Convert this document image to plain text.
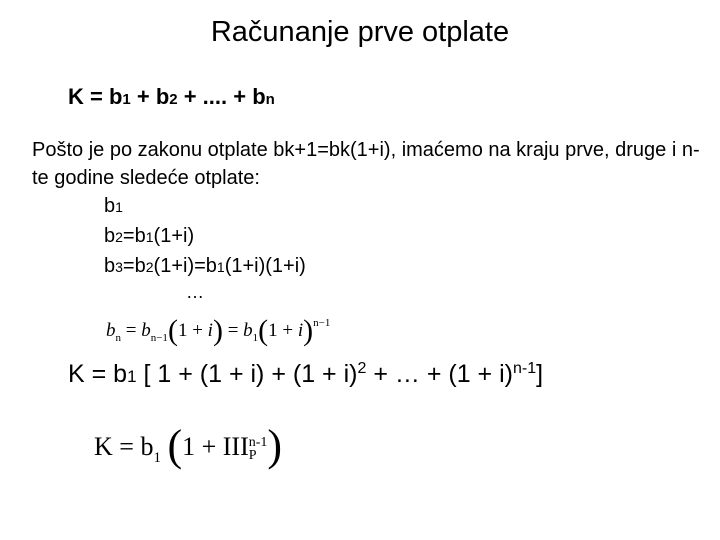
Računanje prve otplate
K = b1 + b2 + .... + bn
Pošto je po zakonu otplate bk+1=bk(1+i), imaćemo na kraju prve, druge i n-te godine sledeće otplate:
b1
b2=b1(1+i)
b3=b2(1+i)=b1(1+i)(1+i)
…
$b_n = b_{n-1}(1 + i) = b_1(1 + i)^{n-1}$
K = b1 [ $1 + (1 + i) + (1 + i)^2$ + … + $(1 + i)^{n-1}$]
$K = b_1$ (1 + III n-1
P )
